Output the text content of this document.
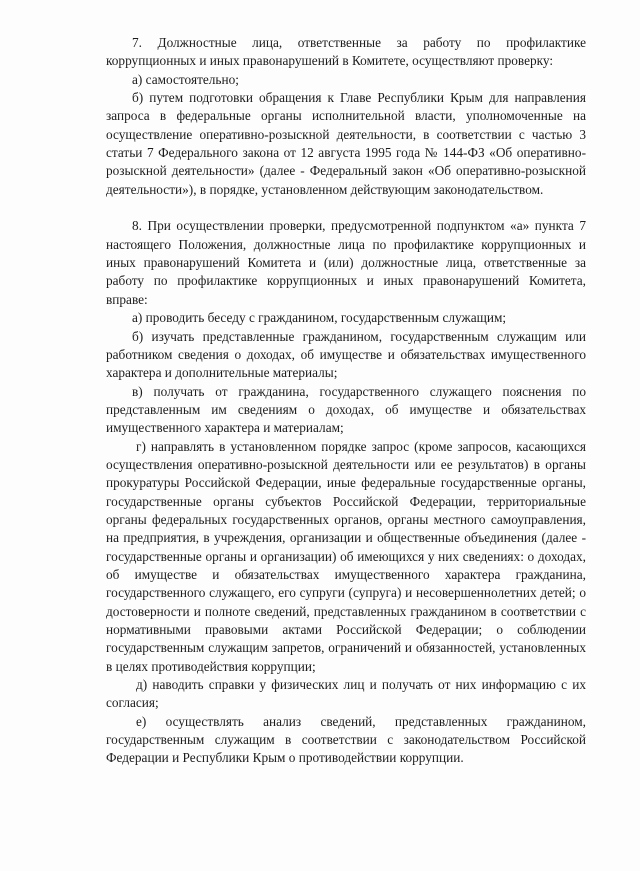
7. Должностные лица, ответственные за работу по профилактике коррупционных и иных правонарушений в Комитете, осуществляют проверку:

а) самостоятельно;

б) путем подготовки обращения к Главе Республики Крым для направления запроса в федеральные органы исполнительной власти, уполномоченные на осуществление оперативно-розыскной деятельности, в соответствии с частью 3 статьи 7 Федерального закона от 12 августа 1995 года № 144-ФЗ «Об оперативно-розыскной деятельности» (далее - Федеральный закон «Об оперативно-розыскной деятельности»), в порядке, установленном действующим законодательством.

8. При осуществлении проверки, предусмотренной подпунктом «а» пункта 7 настоящего Положения, должностные лица по профилактике коррупционных и иных правонарушений Комитета и (или) должностные лица, ответственные за работу по профилактике коррупционных и иных правонарушений Комитета, вправе:

а) проводить беседу с гражданином, государственным служащим;

б) изучать представленные гражданином, государственным служащим или работником сведения о доходах, об имуществе и обязательствах имущественного характера и дополнительные материалы;

в) получать от гражданина, государственного служащего пояснения по представленным им сведениям о доходах, об имуществе и обязательствах имущественного характера и материалам;

г) направлять в установленном порядке запрос (кроме запросов, касающихся осуществления оперативно-розыскной деятельности или ее результатов) в органы прокуратуры Российской Федерации, иные федеральные государственные органы, государственные органы субъектов Российской Федерации, территориальные органы федеральных государственных органов, органы местного самоуправления, на предприятия, в учреждения, организации и общественные объединения (далее - государственные органы и организации) об имеющихся у них сведениях: о доходах, об имуществе и обязательствах имущественного характера гражданина, государственного служащего, его супруги (супруга) и несовершеннолетних детей; о достоверности и полноте сведений, представленных гражданином в соответствии с нормативными правовыми актами Российской Федерации; о соблюдении государственным служащим запретов, ограничений и обязанностей, установленных в целях противодействия коррупции;

д) наводить справки у физических лиц и получать от них информацию с их согласия;

е) осуществлять анализ сведений, представленных гражданином, государственным служащим в соответствии с законодательством Российской Федерации и Республики Крым о противодействии коррупции.
